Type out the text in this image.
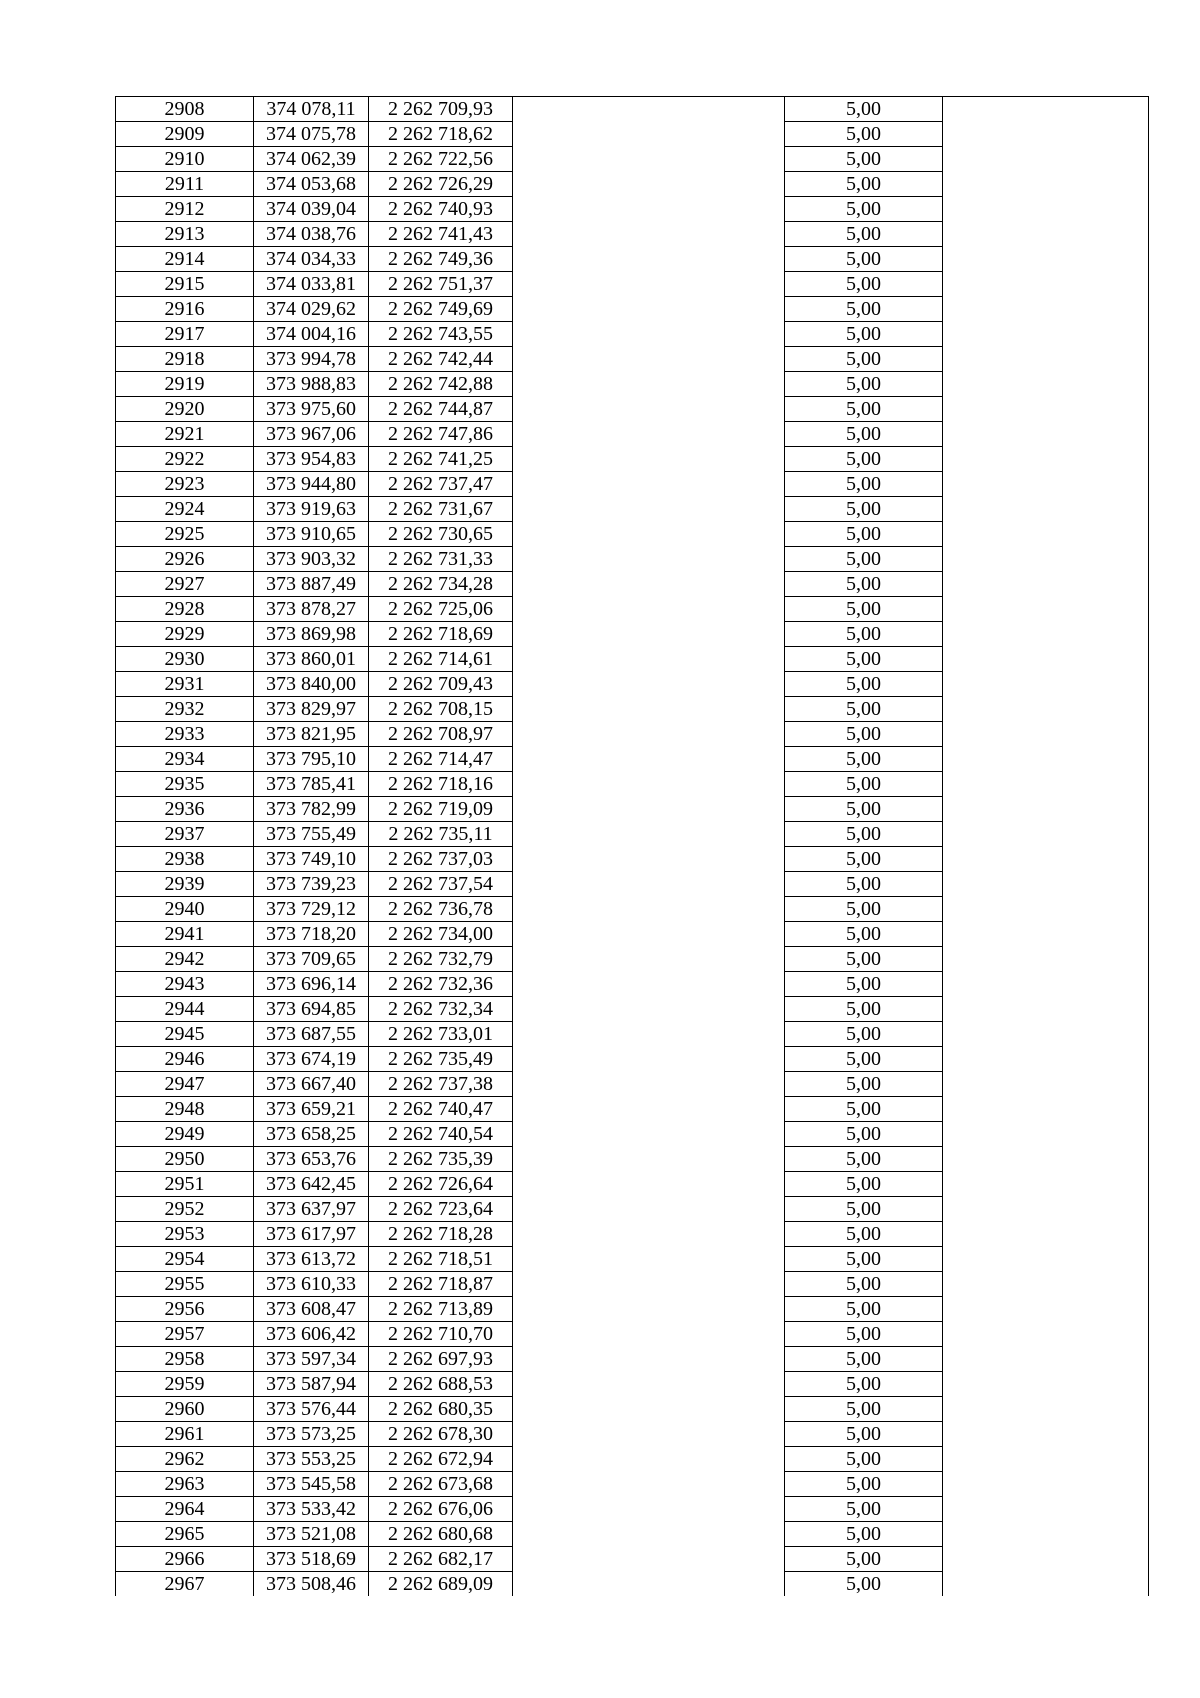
2908	374 078,11	2 262 709,93		5,00	
2909	374 075,78	2 262 718,62		5,00	
2910	374 062,39	2 262 722,56		5,00	
2911	374 053,68	2 262 726,29		5,00	
2912	374 039,04	2 262 740,93		5,00	
2913	374 038,76	2 262 741,43		5,00	
2914	374 034,33	2 262 749,36		5,00	
2915	374 033,81	2 262 751,37		5,00	
2916	374 029,62	2 262 749,69		5,00	
2917	374 004,16	2 262 743,55		5,00	
2918	373 994,78	2 262 742,44		5,00	
2919	373 988,83	2 262 742,88		5,00	
2920	373 975,60	2 262 744,87		5,00	
2921	373 967,06	2 262 747,86		5,00	
2922	373 954,83	2 262 741,25		5,00	
2923	373 944,80	2 262 737,47		5,00	
2924	373 919,63	2 262 731,67		5,00	
2925	373 910,65	2 262 730,65		5,00	
2926	373 903,32	2 262 731,33		5,00	
2927	373 887,49	2 262 734,28		5,00	
2928	373 878,27	2 262 725,06		5,00	
2929	373 869,98	2 262 718,69		5,00	
2930	373 860,01	2 262 714,61		5,00	
2931	373 840,00	2 262 709,43		5,00	
2932	373 829,97	2 262 708,15		5,00	
2933	373 821,95	2 262 708,97		5,00	
2934	373 795,10	2 262 714,47		5,00	
2935	373 785,41	2 262 718,16		5,00	
2936	373 782,99	2 262 719,09		5,00	
2937	373 755,49	2 262 735,11		5,00	
2938	373 749,10	2 262 737,03		5,00	
2939	373 739,23	2 262 737,54		5,00	
2940	373 729,12	2 262 736,78		5,00	
2941	373 718,20	2 262 734,00		5,00	
2942	373 709,65	2 262 732,79		5,00	
2943	373 696,14	2 262 732,36		5,00	
2944	373 694,85	2 262 732,34		5,00	
2945	373 687,55	2 262 733,01		5,00	
2946	373 674,19	2 262 735,49		5,00	
2947	373 667,40	2 262 737,38		5,00	
2948	373 659,21	2 262 740,47		5,00	
2949	373 658,25	2 262 740,54		5,00	
2950	373 653,76	2 262 735,39		5,00	
2951	373 642,45	2 262 726,64		5,00	
2952	373 637,97	2 262 723,64		5,00	
2953	373 617,97	2 262 718,28		5,00	
2954	373 613,72	2 262 718,51		5,00	
2955	373 610,33	2 262 718,87		5,00	
2956	373 608,47	2 262 713,89		5,00	
2957	373 606,42	2 262 710,70		5,00	
2958	373 597,34	2 262 697,93		5,00	
2959	373 587,94	2 262 688,53		5,00	
2960	373 576,44	2 262 680,35		5,00	
2961	373 573,25	2 262 678,30		5,00	
2962	373 553,25	2 262 672,94		5,00	
2963	373 545,58	2 262 673,68		5,00	
2964	373 533,42	2 262 676,06		5,00	
2965	373 521,08	2 262 680,68		5,00	
2966	373 518,69	2 262 682,17		5,00	
2967	373 508,46	2 262 689,09		5,00	
